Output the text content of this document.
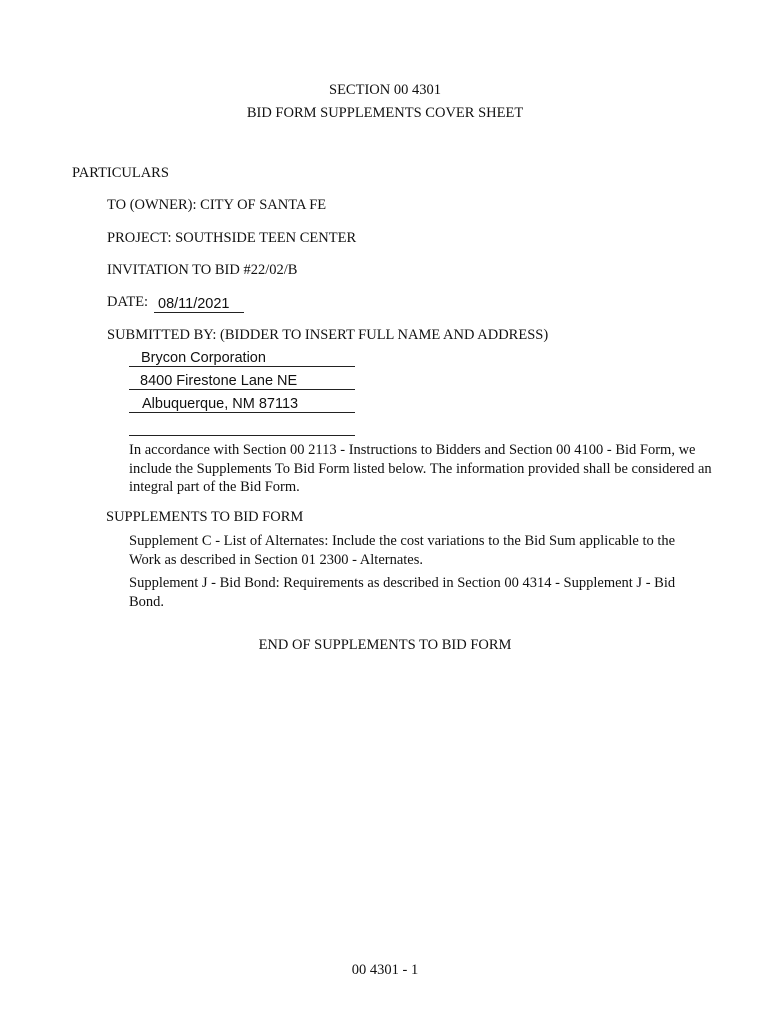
SECTION 00 4301
BID FORM SUPPLEMENTS COVER SHEET
PARTICULARS
TO (OWNER): CITY OF SANTA FE
PROJECT: SOUTHSIDE TEEN CENTER
INVITATION TO BID #22/02/B
DATE: 08/11/2021
SUBMITTED BY: (BIDDER TO INSERT FULL NAME AND ADDRESS)
Brycon Corporation
8400 Firestone Lane NE
Albuquerque, NM 87113
In accordance with Section 00 2113 - Instructions to Bidders and Section 00 4100 - Bid Form, we include the Supplements To Bid Form listed below. The information provided shall be considered an integral part of the Bid Form.
SUPPLEMENTS TO BID FORM
Supplement C - List of Alternates: Include the cost variations to the Bid Sum applicable to the Work as described in Section 01 2300 - Alternates.
Supplement J - Bid Bond: Requirements as described in Section 00 4314 - Supplement J - Bid Bond.
END OF SUPPLEMENTS TO BID FORM
00 4301 - 1
